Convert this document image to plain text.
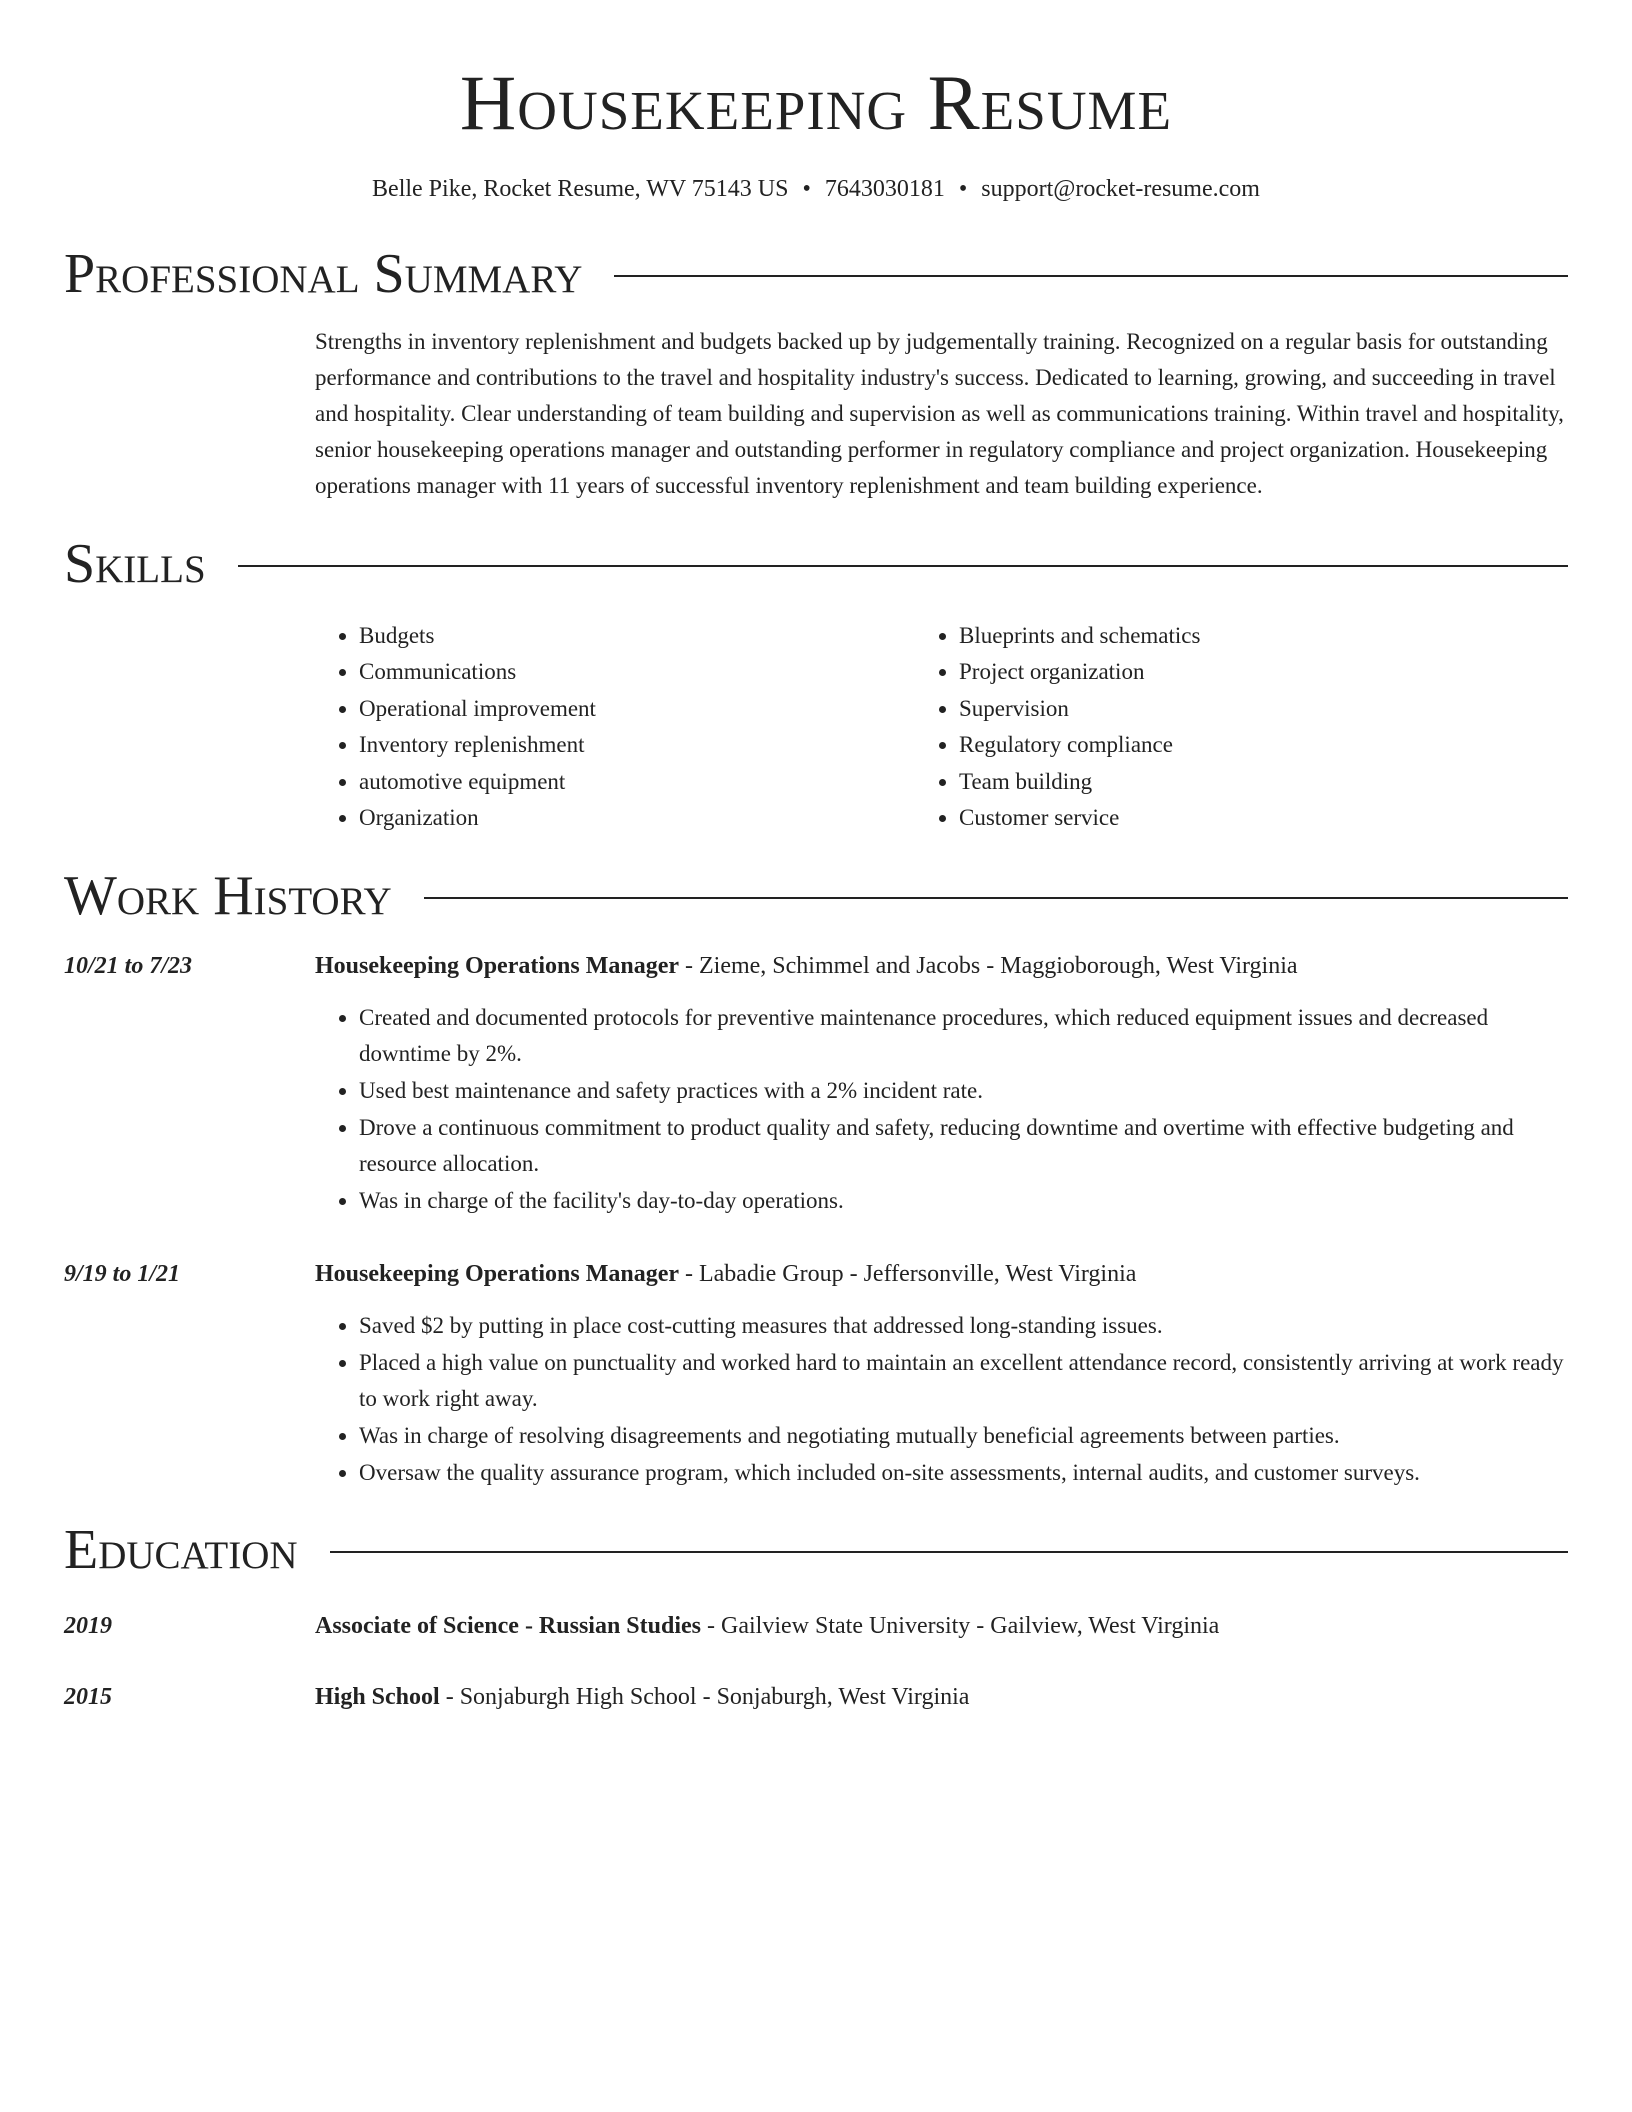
Housekeeping Resume
Belle Pike, Rocket Resume, WV 75143 US • 7643030181 • support@rocket-resume.com
Professional Summary

Strengths in inventory replenishment and budgets backed up by judgementally training. Recognized on a regular basis for outstanding performance and contributions to the travel and hospitality industry's success. Dedicated to learning, growing, and succeeding in travel and hospitality. Clear understanding of team building and supervision as well as communications training. Within travel and hospitality, senior housekeeping operations manager and outstanding performer in regulatory compliance and project organization. Housekeeping operations manager with 11 years of successful inventory replenishment and team building experience.

Skills
• Budgets
• Communications
• Operational improvement
• Inventory replenishment
• automotive equipment
• Organization
• Blueprints and schematics
• Project organization
• Supervision
• Regulatory compliance
• Team building
• Customer service
Work History
10/21 to 7/23	Housekeeping Operations Manager - Zieme, Schimmel and Jacobs - Maggioborough, West Virginia
• Created and documented protocols for preventive maintenance procedures, which reduced equipment issues and decreased downtime by 2%.
• Used best maintenance and safety practices with a 2% incident rate.
• Drove a continuous commitment to product quality and safety, reducing downtime and overtime with effective budgeting and resource allocation.
• Was in charge of the facility's day-to-day operations.
9/19 to 1/21	Housekeeping Operations Manager - Labadie Group - Jeffersonville, West Virginia
• Saved $2 by putting in place cost-cutting measures that addressed long-standing issues.
• Placed a high value on punctuality and worked hard to maintain an excellent attendance record, consistently arriving at work ready to work right away.
• Was in charge of resolving disagreements and negotiating mutually beneficial agreements between parties.
• Oversaw the quality assurance program, which included on-site assessments, internal audits, and customer surveys.
Education
2019	Associate of Science - Russian Studies - Gailview State University - Gailview, West Virginia
2015	High School - Sonjaburgh High School - Sonjaburgh, West Virginia
